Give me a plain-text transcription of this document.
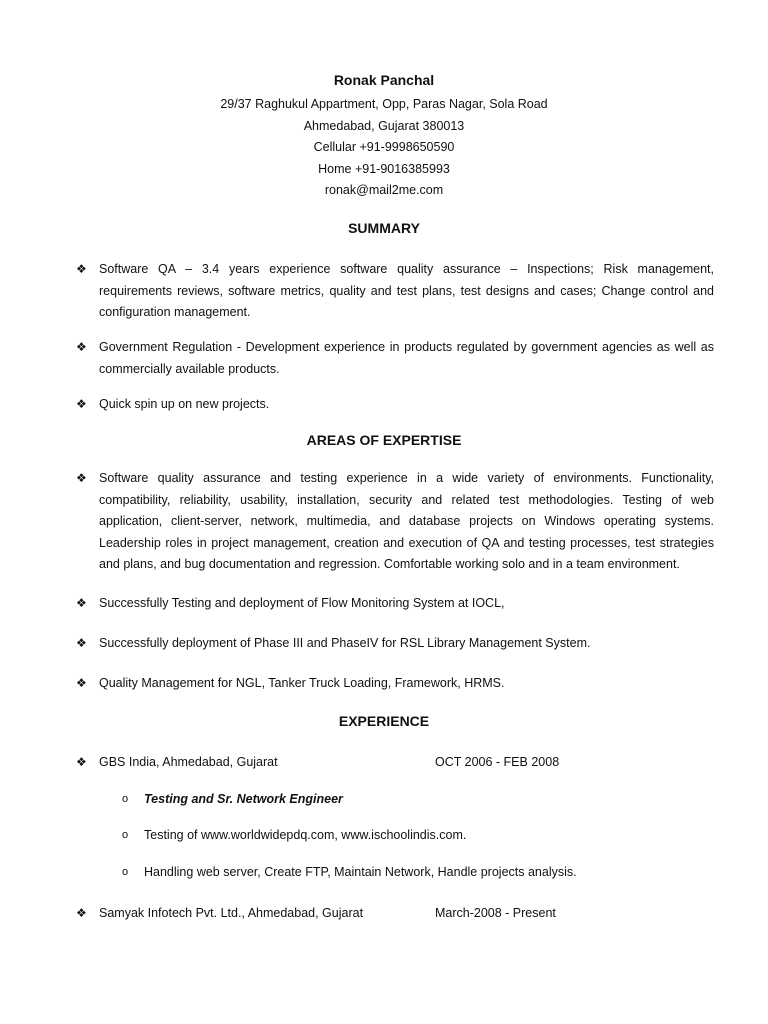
Ronak Panchal
29/37 Raghukul Appartment, Opp, Paras Nagar, Sola Road
Ahmedabad, Gujarat 380013
Cellular +91-9998650590
Home +91-9016385993
ronak@mail2me.com
SUMMARY
❖ Software QA – 3.4 years experience software quality assurance – Inspections; Risk management, requirements reviews, software metrics, quality and test plans, test designs and cases; Change control and configuration management.
❖ Government Regulation - Development experience in products regulated by government agencies as well as commercially available products.
❖ Quick spin up on new projects.
AREAS OF EXPERTISE
❖ Software quality assurance and testing experience in a wide variety of environments. Functionality, compatibility, reliability, usability, installation, security and related test methodologies. Testing of web application, client-server, network, multimedia, and database projects on Windows operating systems. Leadership roles in project management, creation and execution of QA and testing processes, test strategies and plans, and bug documentation and regression. Comfortable working solo and in a team environment.
❖ Successfully Testing and deployment of Flow Monitoring System at IOCL,
❖ Successfully deployment of Phase III and PhaseIV for RSL Library Management System.
❖ Quality Management for NGL, Tanker Truck Loading, Framework, HRMS.
EXPERIENCE
❖ GBS India, Ahmedabad, Gujarat	OCT 2006 - FEB 2008
o Testing and Sr. Network Engineer
o Testing of www.worldwidepdq.com, www.ischoolindis.com.
o Handling web server, Create FTP, Maintain Network, Handle projects analysis.
❖ Samyak Infotech Pvt. Ltd., Ahmedabad, Gujarat	March-2008 - Present
